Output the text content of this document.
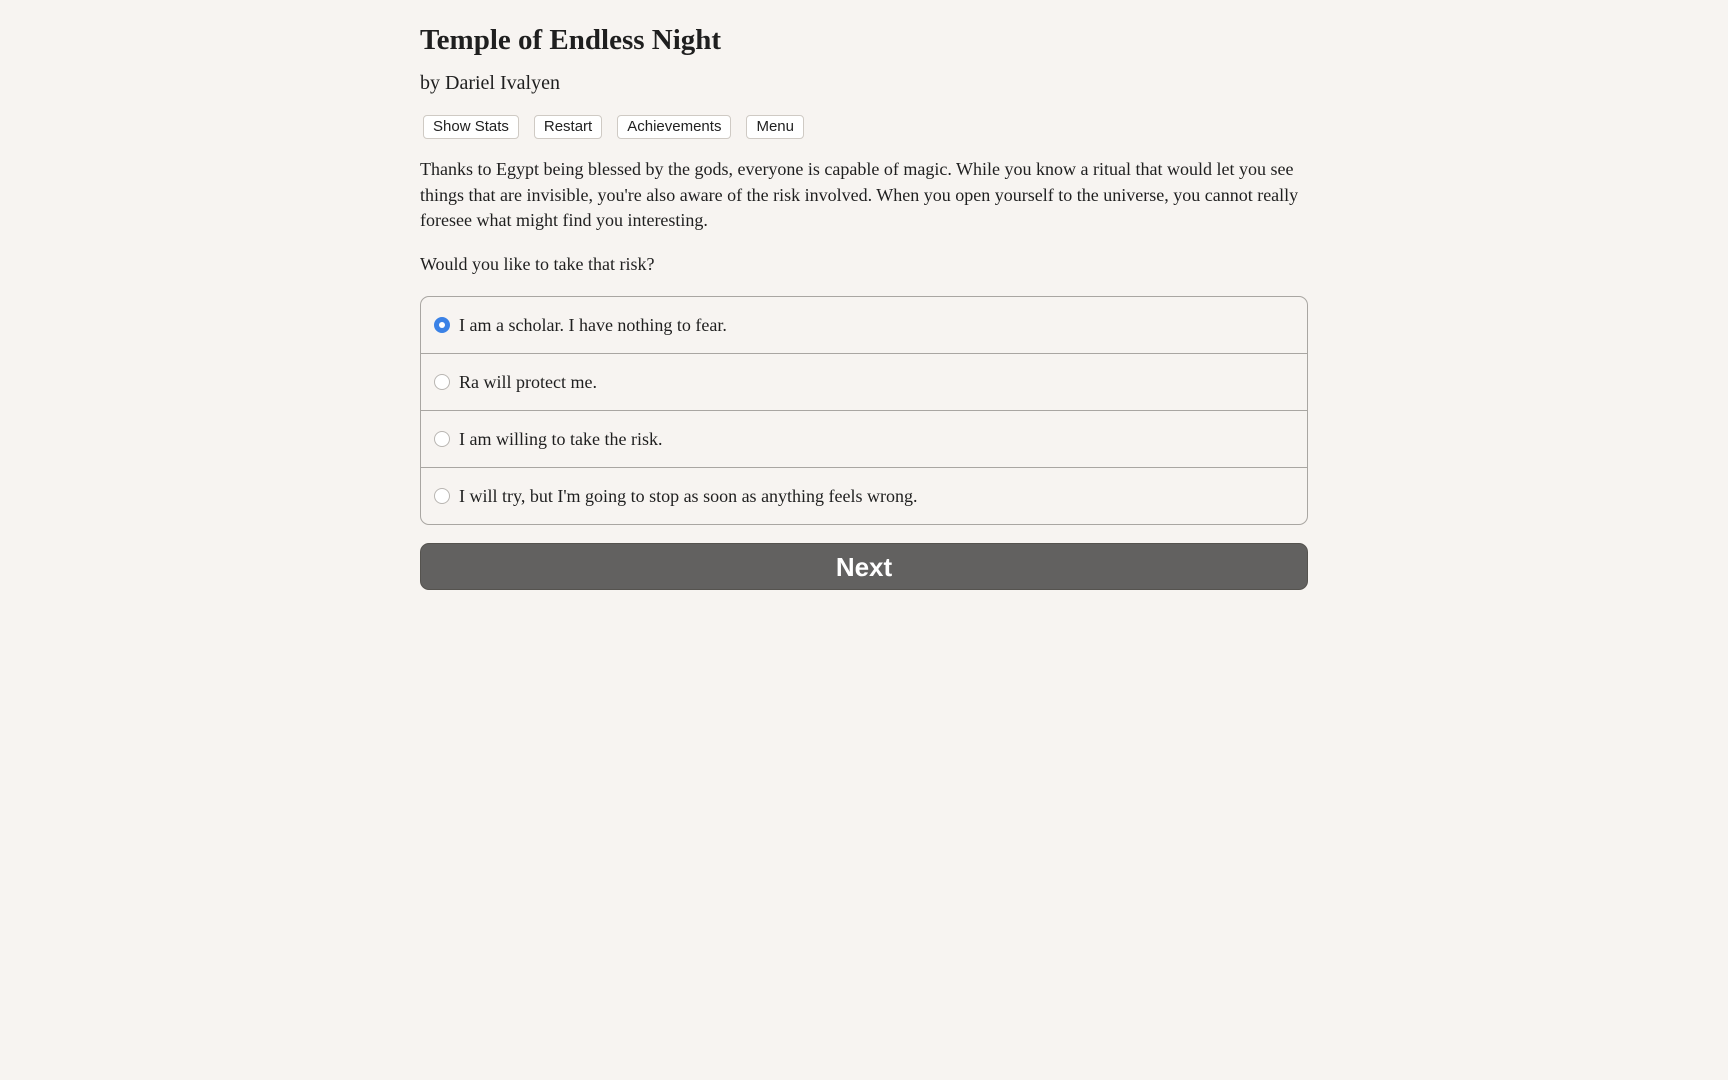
Temple of Endless Night
by Dariel Ivalyen
Show Stats	Restart	Achievements	Menu

Thanks to Egypt being blessed by the gods, everyone is capable of magic. While you know a ritual that would let you see things that are invisible, you're also aware of the risk involved. When you open yourself to the universe, you cannot really foresee what might find you interesting.

Would you like to take that risk?

I am a scholar. I have nothing to fear.
Ra will protect me.
I am willing to take the risk.
I will try, but I'm going to stop as soon as anything feels wrong.
Next
